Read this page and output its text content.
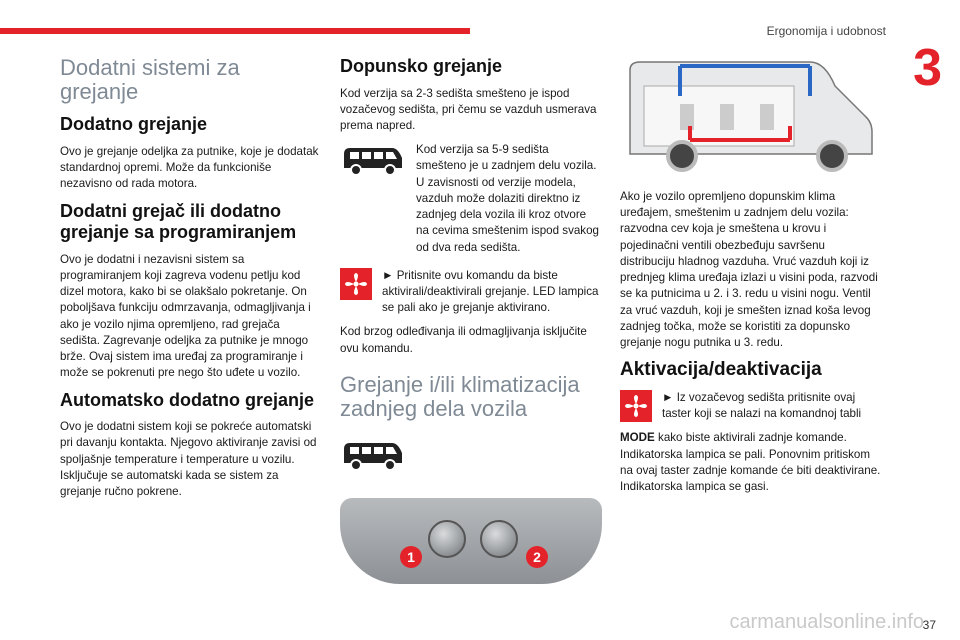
Ergonomija i udobnost
3
Dodatni sistemi za grejanje
Dodatno grejanje

Ovo je grejanje odeljka za putnike, koje je dodatak standardnoj opremi. Može da funkcioniše nezavisno od rada motora.

Dodatni grejač ili dodatno grejanje sa programiranjem

Ovo je dodatni i nezavisni sistem sa programiranjem koji zagreva vodenu petlju kod dizel motora, kako bi se olakšalo pokretanje. On poboljšava funkciju odmrzavanja, odmagljivanja i ako je vozilo njima opremljeno, rad grejača sedišta. Zagrevanje odeljka za putnike je mnogo brže. Ovaj sistem ima uređaj za programiranje i može se pokrenuti pre nego što uđete u vozilo.

Automatsko dodatno grejanje

Ovo je dodatni sistem koji se pokreće automatski pri davanju kontakta. Njegovo aktiviranje zavisi od spoljašnje temperature i temperature u vozilu. Isključuje se automatski kada se sistem za grejanje ručno pokrene.

Dopunsko grejanje

Kod verzija sa 2-3 sedišta smešteno je ispod vozačevog sedišta, pri čemu se vazduh usmerava prema napred.

Kod verzija sa 5-9 sedišta smešteno je u zadnjem delu vozila. U zavisnosti od verzije modela, vazduh može dolaziti direktno iz zadnjeg dela vozila ili kroz otvore na cevima smeštenim ispod svakog od dva reda sedišta.

► Pritisnite ovu komandu da biste aktivirali/deaktivirali grejanje. LED lampica se pali ako je grejanje aktivirano.

Kod brzog odleđivanja ili odmagljivanja isključite ovu komandu.

Grejanje i/ili klimatizacija zadnjeg dela vozila
1	2

Ako je vozilo opremljeno dopunskim klima uređajem, smeštenim u zadnjem delu vozila: razvodna cev koja je smeštena u krovu i pojedinačni ventili obezbeđuju savršenu distribuciju hladnog vazduha. Vruć vazduh koji iz prednjeg klima uređaja izlazi u visini poda, razvodi se ka putnicima u 2. i 3. redu u visini nogu. Ventil za vruć vazduh, koji je smešten iznad koša levog zadnjeg točka, može se koristiti za dopunsko grejanje nogu putnika u 3. redu.

Aktivacija/deaktivacija

► Iz vozačevog sedišta pritisnite ovaj taster koji se nalazi na komandnoj tabli

MODE kako biste aktivirali zadnje komande. Indikatorska lampica se pali. Ponovnim pritiskom na ovaj taster zadnje komande će biti deaktivirane. Indikatorska lampica se gasi.

carmanualsonline.info
37
